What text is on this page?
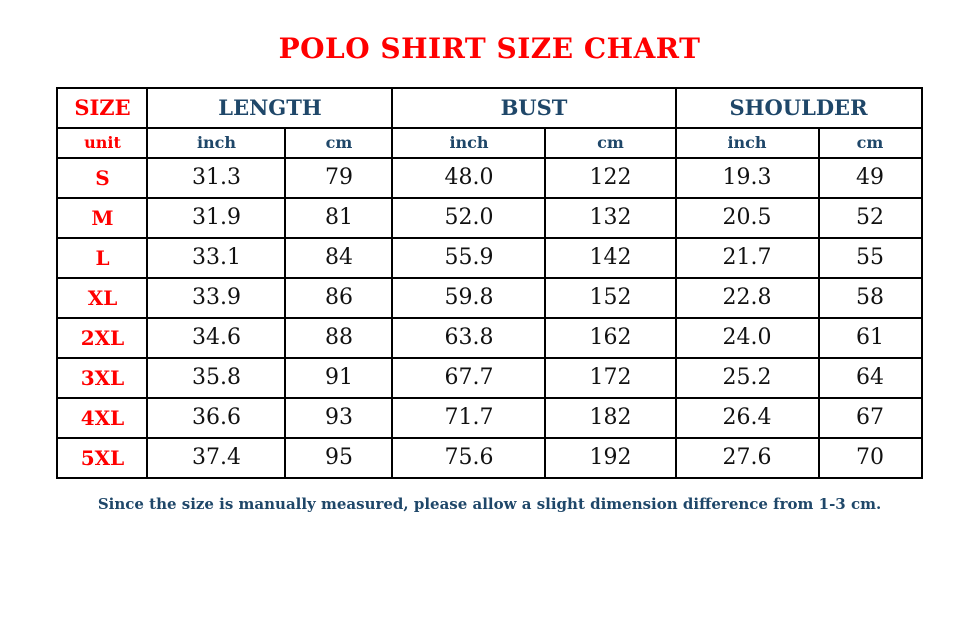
POLO SHIRT SIZE CHART
SIZE	LENGTH		BUST		SHOULDER	
unit	inch	cm	inch	cm	inch	cm
S	31.3	79	48.0	122	19.3	49
M	31.9	81	52.0	132	20.5	52
L	33.1	84	55.9	142	21.7	55
XL	33.9	86	59.8	152	22.8	58
2XL	34.6	88	63.8	162	24.0	61
3XL	35.8	91	67.7	172	25.2	64
4XL	36.6	93	71.7	182	26.4	67
5XL	37.4	95	75.6	192	27.6	70

Since the size is manually measured, please allow a slight dimension difference from 1-3 cm.
